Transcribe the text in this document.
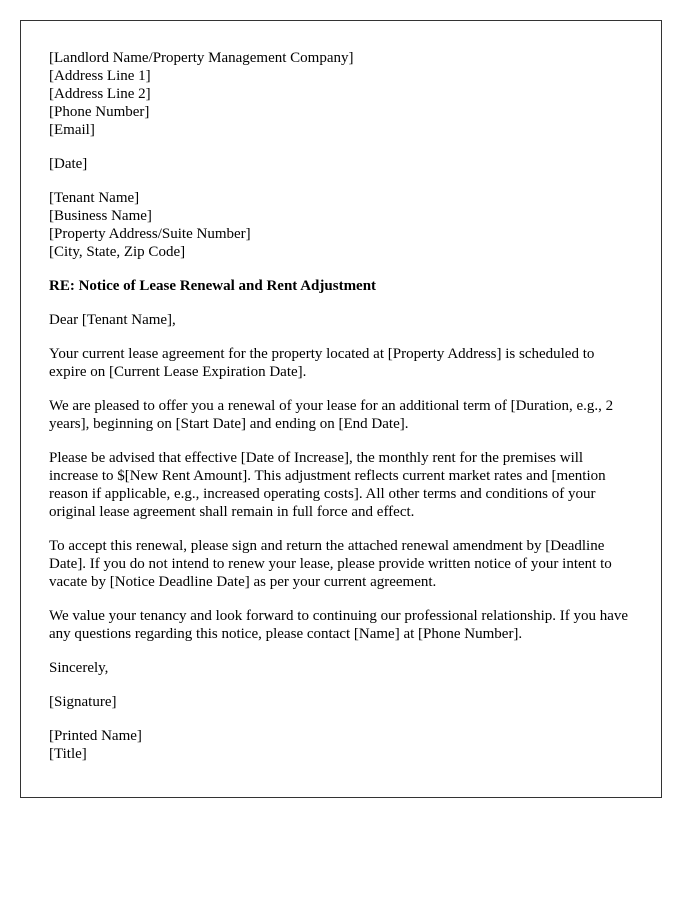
[Landlord Name/Property Management Company]
[Address Line 1]
[Address Line 2]
[Phone Number]
[Email]
[Date]
[Tenant Name]
[Business Name]
[Property Address/Suite Number]
[City, State, Zip Code]
RE: Notice of Lease Renewal and Rent Adjustment
Dear [Tenant Name],
Your current lease agreement for the property located at [Property Address] is scheduled to expire on [Current Lease Expiration Date].
We are pleased to offer you a renewal of your lease for an additional term of [Duration, e.g., 2 years], beginning on [Start Date] and ending on [End Date].
Please be advised that effective [Date of Increase], the monthly rent for the premises will increase to $[New Rent Amount]. This adjustment reflects current market rates and [mention reason if applicable, e.g., increased operating costs]. All other terms and conditions of your original lease agreement shall remain in full force and effect.
To accept this renewal, please sign and return the attached renewal amendment by [Deadline Date]. If you do not intend to renew your lease, please provide written notice of your intent to vacate by [Notice Deadline Date] as per your current agreement.
We value your tenancy and look forward to continuing our professional relationship. If you have any questions regarding this notice, please contact [Name] at [Phone Number].
Sincerely,
[Signature]
[Printed Name]
[Title]
